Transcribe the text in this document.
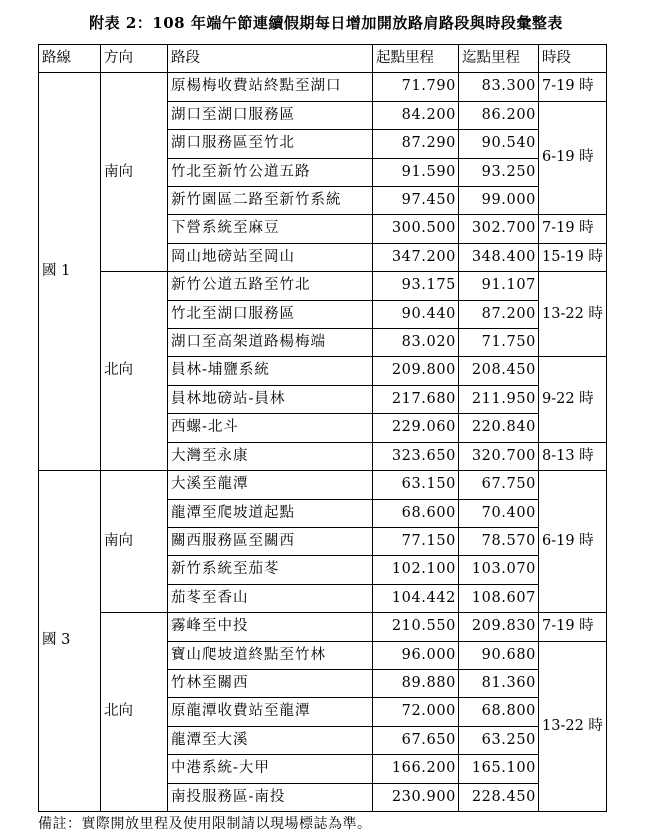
附表 2：108 年端午節連續假期每日增加開放路肩路段與時段彙整表
路線	方向	路段	起點里程	迄點里程	時段
國 1	南向	原楊梅收費站終點至湖口	71.790	83.300	7-19 時
		湖口至湖口服務區	84.200	86.200	6-19 時
		湖口服務區至竹北	87.290	90.540	
		竹北至新竹公道五路	91.590	93.250	
		新竹園區二路至新竹系統	97.450	99.000	
		下營系統至麻豆	300.500	302.700	7-19 時
		岡山地磅站至岡山	347.200	348.400	15-19 時
	北向	新竹公道五路至竹北	93.175	91.107	13-22 時
		竹北至湖口服務區	90.440	87.200	
		湖口至高架道路楊梅端	83.020	71.750	
		員林-埔鹽系統	209.800	208.450	9-22 時
		員林地磅站-員林	217.680	211.950	
		西螺-北斗	229.060	220.840	
		大灣至永康	323.650	320.700	8-13 時
國 3	南向	大溪至龍潭	63.150	67.750	6-19 時
		龍潭至爬坡道起點	68.600	70.400	
		關西服務區至關西	77.150	78.570	
		新竹系統至茄苳	102.100	103.070	
		茄苳至香山	104.442	108.607	
	北向	霧峰至中投	210.550	209.830	7-19 時
		寶山爬坡道終點至竹林	96.000	90.680	13-22 時
		竹林至關西	89.880	81.360	
		原龍潭收費站至龍潭	72.000	68.800	
		龍潭至大溪	67.650	63.250	
		中港系統-大甲	166.200	165.100	
		南投服務區-南投	230.900	228.450	
備註：實際開放里程及使用限制請以現場標誌為準。
